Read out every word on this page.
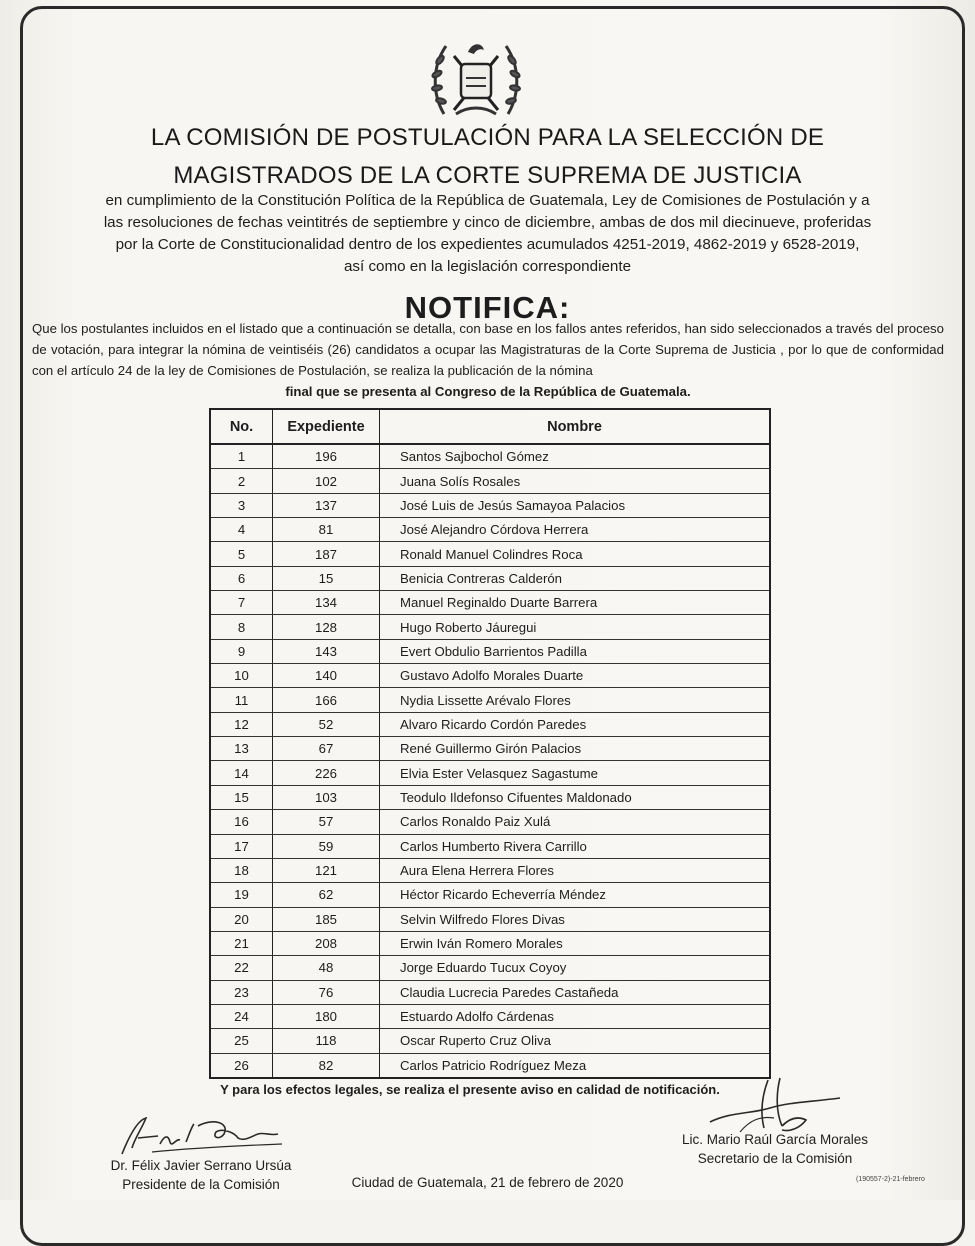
LA COMISIÓN DE POSTULACIÓN PARA LA SELECCIÓN DE
MAGISTRADOS DE LA CORTE SUPREMA DE JUSTICIA
en cumplimiento de la Constitución Política de la República de Guatemala, Ley de Comisiones de Postulación y a
las resoluciones de fechas veintitrés de septiembre y cinco de diciembre, ambas de dos mil diecinueve, proferidas
por la Corte de Constitucionalidad dentro de los expedientes acumulados 4251-2019, 4862-2019 y 6528-2019,
así como en la legislación correspondiente
NOTIFICA:
Que los postulantes incluidos en el listado que a continuación se detalla, con base en los fallos antes referidos, han sido seleccionados a través del proceso de votación, para integrar la nómina de veintiséis (26) candidatos a ocupar las Magistraturas de la Corte Suprema de Justicia , por lo que de conformidad con el artículo 24 de la ley de Comisiones de Postulación, se realiza la publicación de la nómina
final que se presenta al Congreso de la República de Guatemala.
No.	Expediente	Nombre
1	196	Santos Sajbochol Gómez
2	102	Juana Solís Rosales
3	137	José Luis de Jesús Samayoa Palacios
4	81	José Alejandro Córdova Herrera
5	187	Ronald Manuel Colindres Roca
6	15	Benicia Contreras Calderón
7	134	Manuel Reginaldo Duarte Barrera
8	128	Hugo Roberto Jáuregui
9	143	Evert Obdulio Barrientos Padilla
10	140	Gustavo Adolfo Morales Duarte
11	166	Nydia Lissette Arévalo Flores
12	52	Alvaro Ricardo Cordón Paredes
13	67	René Guillermo Girón Palacios
14	226	Elvia Ester Velasquez Sagastume
15	103	Teodulo Ildefonso Cifuentes Maldonado
16	57	Carlos Ronaldo Paiz Xulá
17	59	Carlos Humberto Rivera Carrillo
18	121	Aura Elena Herrera Flores
19	62	Héctor Ricardo Echeverría Méndez
20	185	Selvin Wilfredo Flores Divas
21	208	Erwin Iván Romero Morales
22	48	Jorge Eduardo Tucux Coyoy
23	76	Claudia Lucrecia Paredes Castañeda
24	180	Estuardo Adolfo Cárdenas
25	118	Oscar Ruperto Cruz Oliva
26	82	Carlos Patricio Rodríguez Meza
Y para los efectos legales, se realiza el presente aviso en calidad de notificación.
Dr. Félix Javier Serrano Ursúa
Presidente de la Comisión
Lic. Mario Raúl García Morales
Secretario de la Comisión
Ciudad de Guatemala, 21 de febrero de 2020	(190557-2)-21-febrero
